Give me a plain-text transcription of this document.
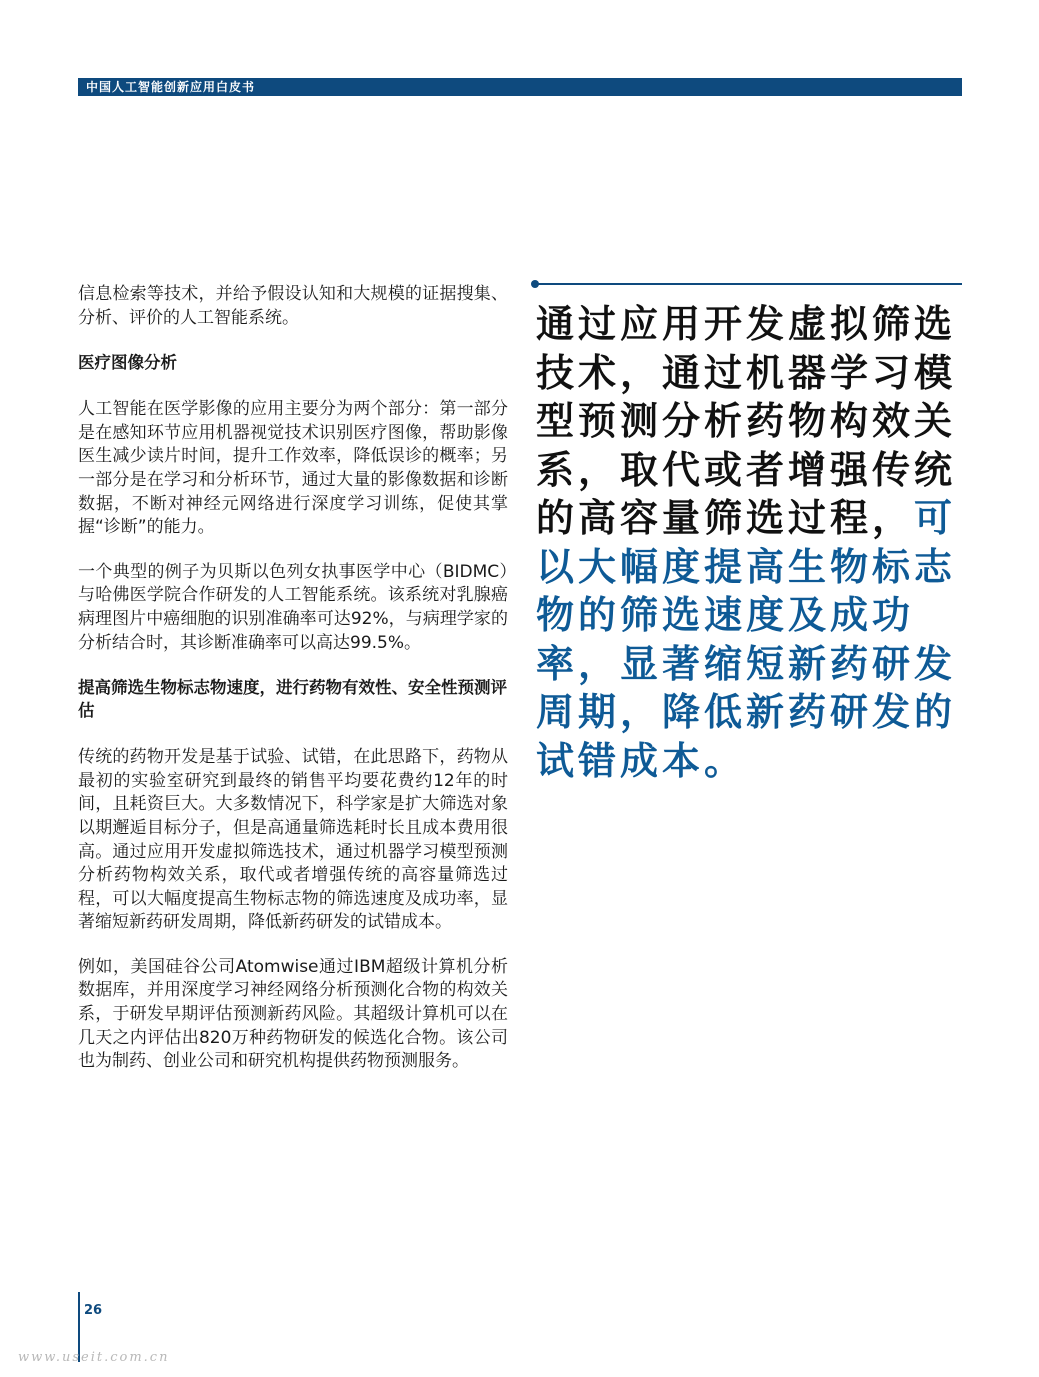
中国人工智能创新应用白皮书

信息检索等技术，并给予假设认知和大规模的证据搜集、分析、评价的人工智能系统。

医疗图像分析

人工智能在医学影像的应用主要分为两个部分：第一部分是在感知环节应用机器视觉技术识别医疗图像，帮助影像医生减少读片时间，提升工作效率，降低误诊的概率；另一部分是在学习和分析环节，通过大量的影像数据和诊断数据，不断对神经元网络进行深度学习训练，促使其掌握“诊断”的能力。

一个典型的例子为贝斯以色列女执事医学中心（BIDMC）与哈佛医学院合作研发的人工智能系统。该系统对乳腺癌病理图片中癌细胞的识别准确率可达92%，与病理学家的分析结合时，其诊断准确率可以高达99.5%。

提高筛选生物标志物速度，进行药物有效性、安全性预测评估

传统的药物开发是基于试验、试错，在此思路下，药物从最初的实验室研究到最终的销售平均要花费约12年的时间，且耗资巨大。大多数情况下，科学家是扩大筛选对象以期邂逅目标分子，但是高通量筛选耗时长且成本费用很高。通过应用开发虚拟筛选技术，通过机器学习模型预测分析药物构效关系，取代或者增强传统的高容量筛选过程，可以大幅度提高生物标志物的筛选速度及成功率，显著缩短新药研发周期，降低新药研发的试错成本。

例如，美国硅谷公司Atomwise通过IBM超级计算机分析数据库，并用深度学习神经网络分析预测化合物的构效关系，于研发早期评估预测新药风险。其超级计算机可以在几天之内评估出820万种药物研发的候选化合物。该公司也为制药、创业公司和研究机构提供药物预测服务。

通过应用开发虚拟筛选技术，通过机器学习模型预测分析药物构效关系，取代或者增强传统的高容量筛选过程，可以大幅度提高生物标志物的筛选速度及成功率，显著缩短新药研发周期，降低新药研发的试错成本。
26
www.useit.com.cn
